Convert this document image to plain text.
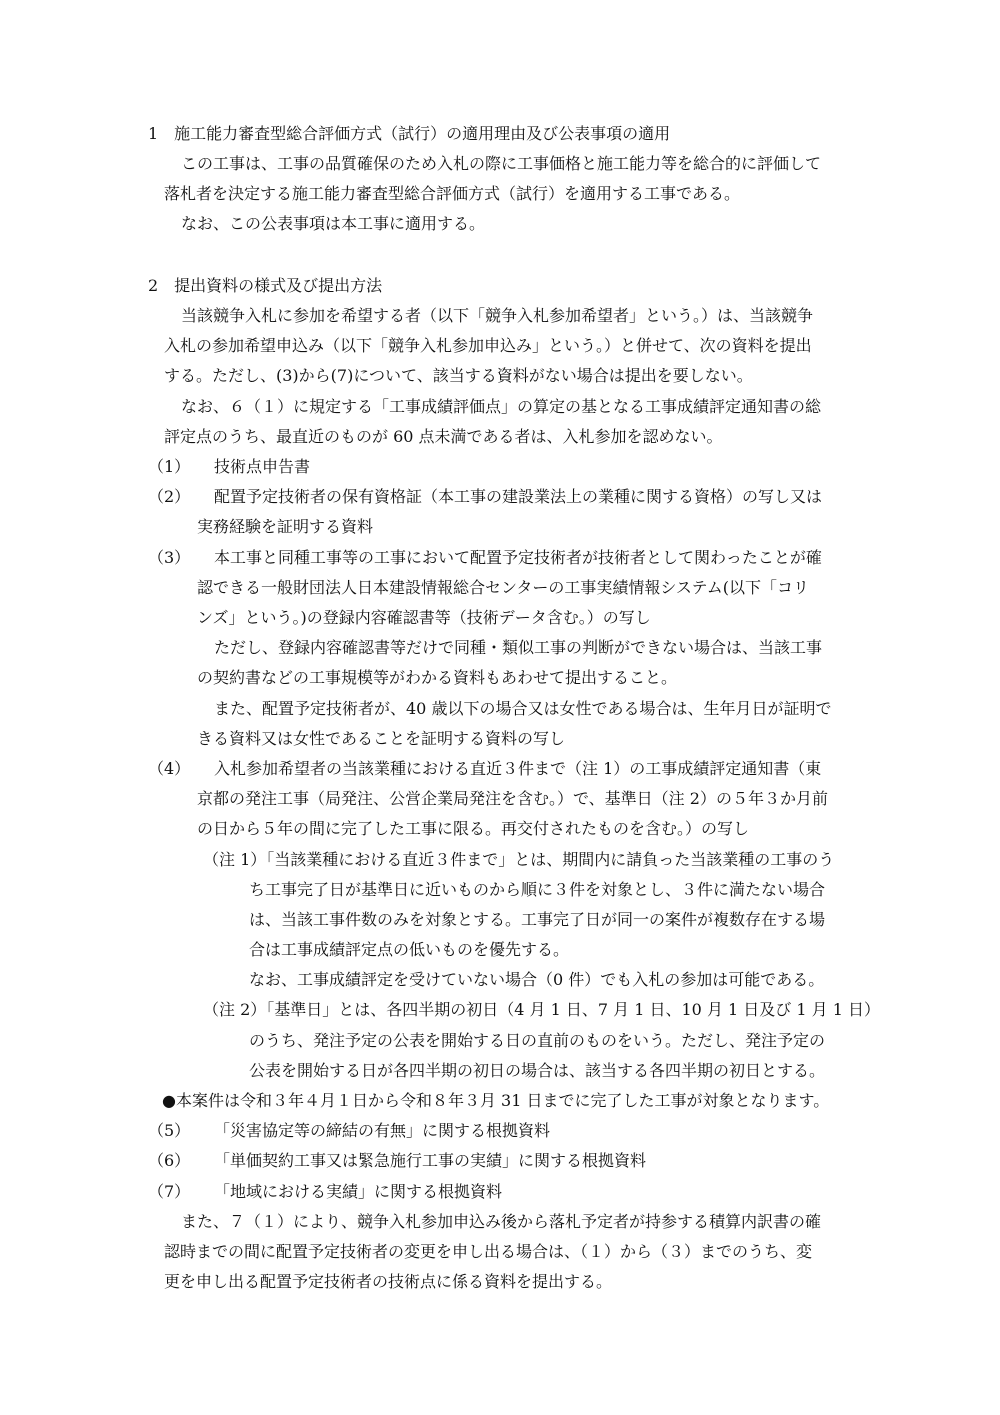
1　施工能力審査型総合評価方式（試行）の適用理由及び公表事項の適用
この工事は、工事の品質確保のため入札の際に工事価格と施工能力等を総合的に評価して
落札者を決定する施工能力審査型総合評価方式（試行）を適用する工事である。
なお、この公表事項は本工事に適用する。
2　提出資料の様式及び提出方法
当該競争入札に参加を希望する者（以下「競争入札参加希望者」という。）は、当該競争
入札の参加希望申込み（以下「競争入札参加申込み」という。）と併せて、次の資料を提出
する。ただし、(3)から(7)について、該当する資料がない場合は提出を要しない。
なお、６（１）に規定する「工事成績評価点」の算定の基となる工事成績評定通知書の総
評定点のうち、最直近のものが 60 点未満である者は、入札参加を認めない。
（1） 技術点申告書
（2） 配置予定技術者の保有資格証（本工事の建設業法上の業種に関する資格）の写し又は
実務経験を証明する資料
（3） 本工事と同種工事等の工事において配置予定技術者が技術者として関わったことが確
認できる一般財団法人日本建設情報総合センターの工事実績情報システム(以下「コリ
ンズ」という。)の登録内容確認書等（技術データ含む。）の写し
ただし、登録内容確認書等だけで同種・類似工事の判断ができない場合は、当該工事
の契約書などの工事規模等がわかる資料もあわせて提出すること。
また、配置予定技術者が、40 歳以下の場合又は女性である場合は、生年月日が証明で
きる資料又は女性であることを証明する資料の写し
（4） 入札参加希望者の当該業種における直近３件まで（注 1）の工事成績評定通知書（東
京都の発注工事（局発注、公営企業局発注を含む。）で、基準日（注 2）の５年３か月前
の日から５年の間に完了した工事に限る。再交付されたものを含む。）の写し
（注 1）「当該業種における直近３件まで」とは、期間内に請負った当該業種の工事のう
ち工事完了日が基準日に近いものから順に３件を対象とし、３件に満たない場合
は、当該工事件数のみを対象とする。工事完了日が同一の案件が複数存在する場
合は工事成績評定点の低いものを優先する。
なお、工事成績評定を受けていない場合（0 件）でも入札の参加は可能である。
（注 2）「基準日」とは、各四半期の初日（4 月 1 日、7 月 1 日、10 月 1 日及び 1 月 1 日）
のうち、発注予定の公表を開始する日の直前のものをいう。ただし、発注予定の
公表を開始する日が各四半期の初日の場合は、該当する各四半期の初日とする。
●本案件は令和３年４月１日から令和８年３月 31 日までに完了した工事が対象となります。
（5） 「災害協定等の締結の有無」に関する根拠資料
（6） 「単価契約工事又は緊急施行工事の実績」に関する根拠資料
（7） 「地域における実績」に関する根拠資料
また、７（１）により、競争入札参加申込み後から落札予定者が持参する積算内訳書の確
認時までの間に配置予定技術者の変更を申し出る場合は、（１）から（３）までのうち、変
更を申し出る配置予定技術者の技術点に係る資料を提出する。
